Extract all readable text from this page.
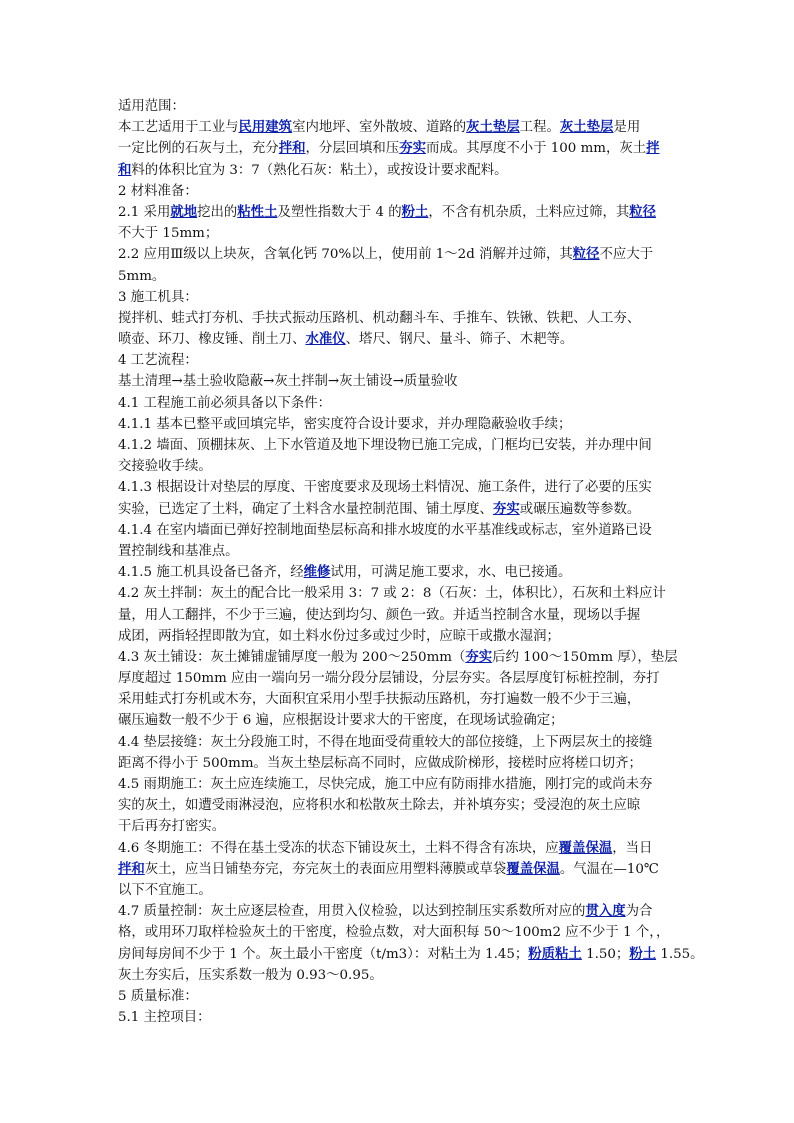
适用范围：
本工艺适用于工业与民用建筑室内地坪、室外散坡、道路的灰土垫层工程。灰土垫层是用
一定比例的石灰与土，充分拌和，分层回填和压夯实而成。其厚度不小于 100 mm，灰土拌
和料的体积比宜为 3：7（熟化石灰：粘土），或按设计要求配料。
2 材料准备：
2.1 采用就地挖出的粘性土及塑性指数大于 4 的粉土，不含有机杂质，土料应过筛，其粒径
不大于 15mm；
2.2 应用Ⅲ级以上块灰，含氧化钙 70%以上，使用前 1～2d 消解并过筛，其粒径不应大于
5mm。
3 施工机具：
搅拌机、蛙式打夯机、手扶式振动压路机、机动翻斗车、手推车、铁锹、铁耙、人工夯、
喷壶、环刀、橡皮锤、削土刀、水准仪、塔尺、钢尺、量斗、筛子、木耙等。
4 工艺流程：
基土清理→基土验收隐蔽→灰土拌制→灰土铺设→质量验收
4.1 工程施工前必须具备以下条件：
4.1.1 基本已整平或回填完毕，密实度符合设计要求，并办理隐蔽验收手续；
4.1.2 墙面、顶棚抹灰、上下水管道及地下埋设物已施工完成，门框均已安装，并办理中间
交接验收手续。
4.1.3 根据设计对垫层的厚度、干密度要求及现场土料情况、施工条件，进行了必要的压实
实验，已选定了土料，确定了土料含水量控制范围、铺土厚度、夯实或碾压遍数等参数。
4.1.4 在室内墙面已弹好控制地面垫层标高和排水坡度的水平基准线或标志，室外道路已设
置控制线和基准点。
4.1.5 施工机具设备已备齐，经维修试用，可满足施工要求，水、电已接通。
4.2 灰土拌制：灰土的配合比一般采用 3：7 或 2：8（石灰：土，体积比），石灰和土料应计
量，用人工翻拌，不少于三遍，使达到均匀、颜色一致。并适当控制含水量，现场以手握
成团，两指轻捏即散为宜，如土料水份过多或过少时，应晾干或撒水湿润；
4.3 灰土铺设：灰土摊铺虚铺厚度一般为 200～250mm（夯实后约 100～150mm 厚），垫层
厚度超过 150mm 应由一端向另一端分段分层铺设，分层夯实。各层厚度钉标桩控制，夯打
采用蛙式打夯机或木夯，大面积宜采用小型手扶振动压路机，夯打遍数一般不少于三遍，
碾压遍数一般不少于 6 遍，应根据设计要求大的干密度，在现场试验确定；
4.4 垫层接缝：灰土分段施工时，不得在地面受荷重较大的部位接缝，上下两层灰土的接缝
距离不得小于 500mm。当灰土垫层标高不同时，应做成阶梯形，接槎时应将槎口切齐；
4.5 雨期施工：灰土应连续施工，尽快完成，施工中应有防雨排水措施，刚打完的或尚未夯
实的灰土，如遭受雨淋浸泡，应将积水和松散灰土除去，并补填夯实；受浸泡的灰土应晾
干后再夯打密实。
4.6 冬期施工：不得在基土受冻的状态下铺设灰土，土料不得含有冻块，应覆盖保温，当日
拌和灰土，应当日铺垫夯完，夯完灰土的表面应用塑料薄膜或草袋覆盖保温。气温在—10℃
以下不宜施工。
4.7 质量控制：灰土应逐层检查，用贯入仪检验，以达到控制压实系数所对应的贯入度为合
格，或用环刀取样检验灰土的干密度，检验点数，对大面积每 50～100m2 应不少于 1 个，，
房间每房间不少于 1 个。灰土最小干密度（t/m3）：对粘土为 1.45；粉质粘土 1.50；粉土 1.55。
灰土夯实后，压实系数一般为 0.93～0.95。
5 质量标准：
5.1 主控项目：
